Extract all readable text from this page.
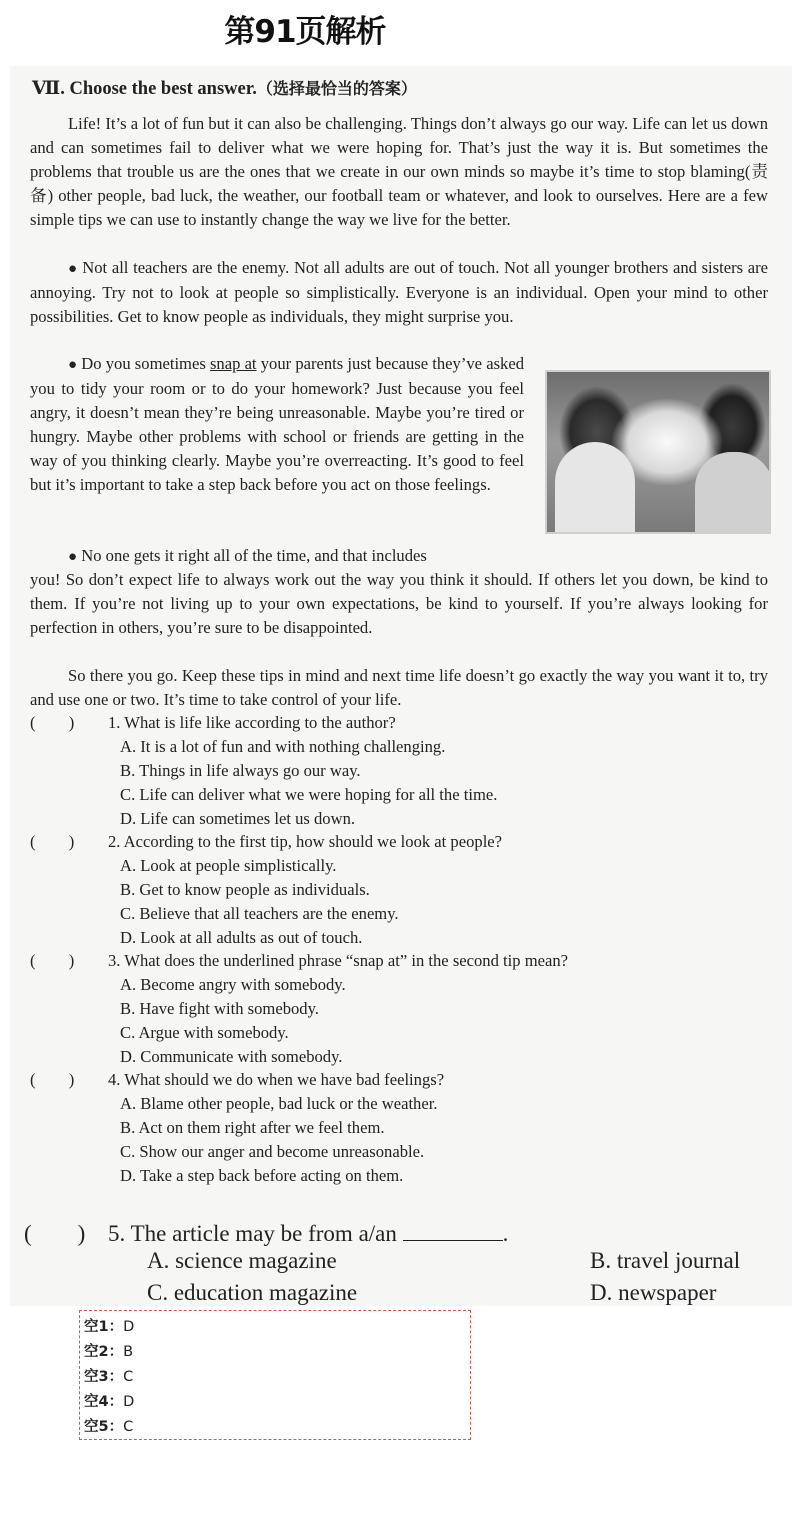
第91页解析
Ⅶ. Choose the best answer.（选择最恰当的答案）

Life! It’s a lot of fun but it can also be challenging. Things don’t always go our way. Life can let us down and can sometimes fail to deliver what we were hoping for. That’s just the way it is. But sometimes the problems that trouble us are the ones that we create in our own minds so maybe it’s time to stop blaming(责备) other people, bad luck, the weather, our football team or whatever, and look to ourselves. Here are a few simple tips we can use to instantly change the way we live for the better.

● Not all teachers are the enemy. Not all adults are out of touch. Not all younger brothers and sisters are annoying. Try not to look at people so simplistically. Everyone is an individual. Open your mind to other possibilities. Get to know people as individuals, they might surprise you.

● Do you sometimes snap at your parents just because they’ve asked you to tidy your room or to do your homework? Just because you feel angry, it doesn’t mean they’re being unreasonable. Maybe you’re tired or hungry. Maybe other problems with school or friends are getting in the way of you thinking clearly. Maybe you’re overreacting. It’s good to feel but it’s important to take a step back before you act on those feelings.

● No one gets it right all of the time, and that includes

you! So don’t expect life to always work out the way you think it should. If others let you down, be kind to them. If you’re not living up to your own expectations, be kind to yourself. If you’re always looking for perfection in others, you’re sure to be disappointed.

So there you go. Keep these tips in mind and next time life doesn’t go exactly the way you want it to, try and use one or two. It’s time to take control of your life.

(　　) 1. What is life like according to the author?
A. It is a lot of fun and with nothing challenging.
B. Things in life always go our way.
C. Life can deliver what we were hoping for all the time.
D. Life can sometimes let us down.
(　　) 2. According to the first tip, how should we look at people?
A. Look at people simplistically.
B. Get to know people as individuals.
C. Believe that all teachers are the enemy.
D. Look at all adults as out of touch.
(　　) 3. What does the underlined phrase “snap at” in the second tip mean?
A. Become angry with somebody.
B. Have fight with somebody.
C. Argue with somebody.
D. Communicate with somebody.
(　　) 4. What should we do when we have bad feelings?
A. Blame other people, bad luck or the weather.
B. Act on them right after we feel them.
C. Show our anger and become unreasonable.
D. Take a step back before acting on them.
(　　) 5. The article may be from a/an	.
A. science magazine	B. travel journal
C. education magazine	D. newspaper
空1：D
空2：B
空3：C
空4：D
空5：C
